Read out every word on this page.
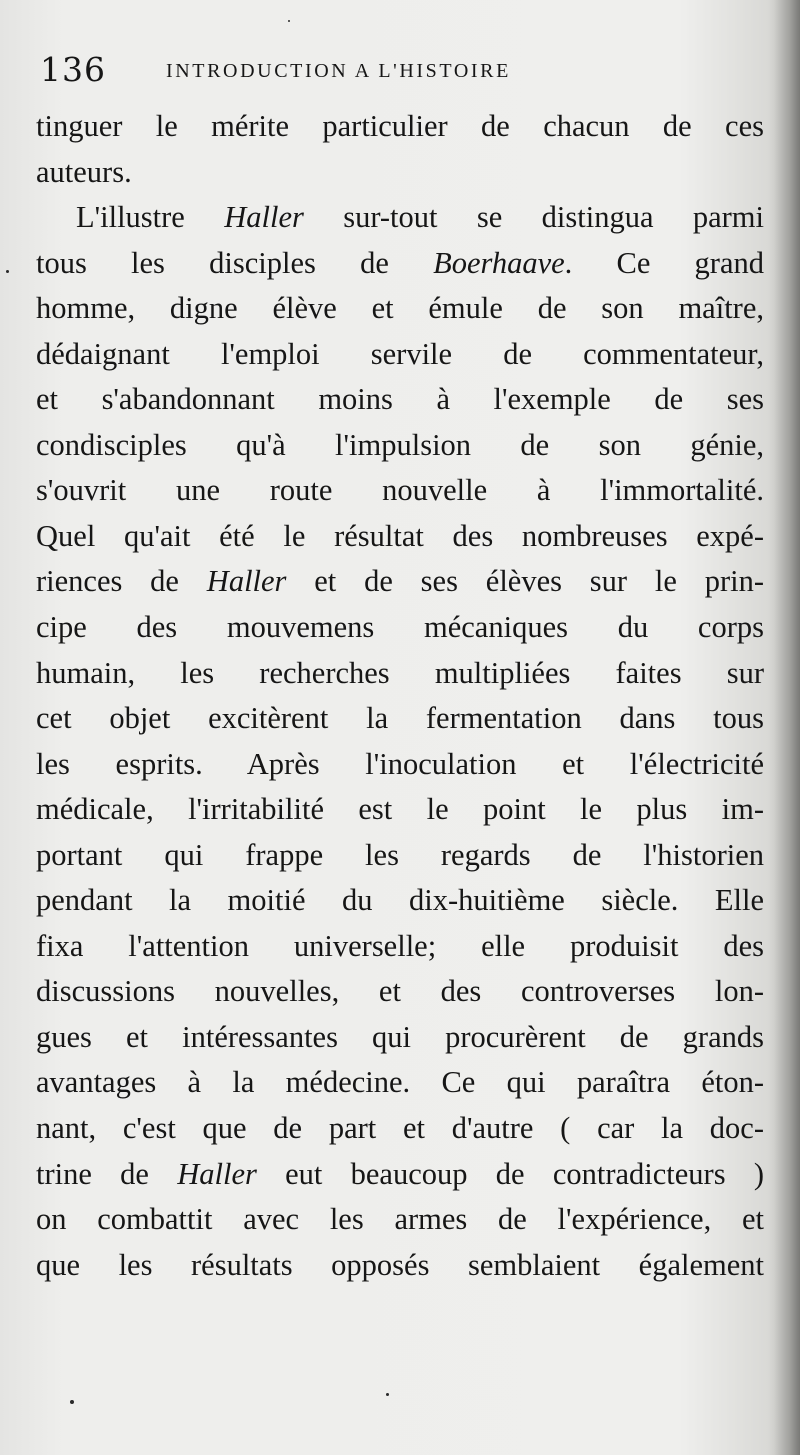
136	INTRODUCTION A L'HISTOIRE
tinguer le mérite particulier de chacun de ces
auteurs.
L'illustre Haller sur-tout se distingua parmi
tous les disciples de Boerhaave. Ce grand
homme, digne élève et émule de son maître,
dédaignant l'emploi servile de commentateur,
et s'abandonnant moins à l'exemple de ses
condisciples qu'à l'impulsion de son génie,
s'ouvrit une route nouvelle à l'immortalité.
Quel qu'ait été le résultat des nombreuses expé-
riences de Haller et de ses élèves sur le prin-
cipe des mouvemens mécaniques du corps
humain, les recherches multipliées faites sur
cet objet excitèrent la fermentation dans tous
les esprits. Après l'inoculation et l'électricité
médicale, l'irritabilité est le point le plus im-
portant qui frappe les regards de l'historien
pendant la moitié du dix-huitième siècle. Elle
fixa l'attention universelle; elle produisit des
discussions nouvelles, et des controverses lon-
gues et intéressantes qui procurèrent de grands
avantages à la médecine. Ce qui paraîtra éton-
nant, c'est que de part et d'autre ( car la doc-
trine de Haller eut beaucoup de contradicteurs )
on combattit avec les armes de l'expérience, et
que les résultats opposés semblaient également
